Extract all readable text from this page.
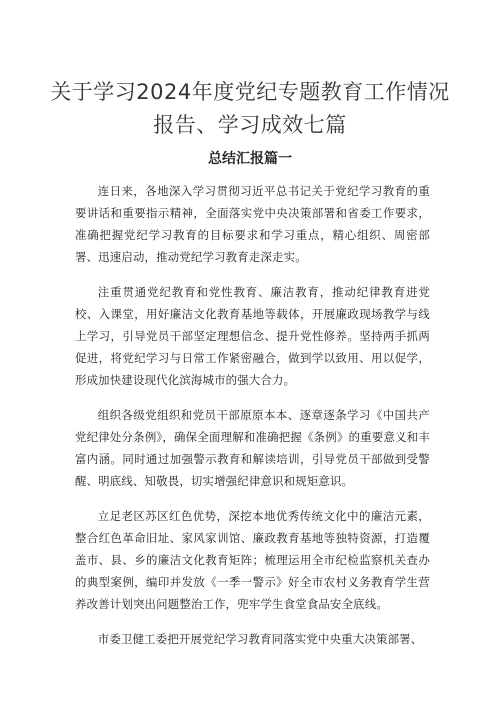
关于学习2024年度党纪专题教育工作情况
报告、学习成效七篇
总结汇报篇一

连日来，各地深入学习贯彻习近平总书记关于党纪学习教育的重要讲话和重要指示精神，全面落实党中央决策部署和省委工作要求，准确把握党纪学习教育的目标要求和学习重点，精心组织、周密部署、迅速启动，推动党纪学习教育走深走实。

注重贯通党纪教育和党性教育、廉洁教育，推动纪律教育进党校、入课堂，用好廉洁文化教育基地等载体，开展廉政现场教学与线上学习，引导党员干部坚定理想信念、提升党性修养。坚持两手抓两促进，将党纪学习与日常工作紧密融合，做到学以致用、用以促学，形成加快建设现代化滨海城市的强大合力。

组织各级党组织和党员干部原原本本、逐章逐条学习《中国共产党纪律处分条例》，确保全面理解和准确把握《条例》的重要意义和丰富内涵。同时通过加强警示教育和解读培训，引导党员干部做到受警醒、明底线、知敬畏，切实增强纪律意识和规矩意识。

立足老区苏区红色优势，深挖本地优秀传统文化中的廉洁元素，整合红色革命旧址、家风家训馆、廉政教育基地等独特资源，打造覆盖市、县、乡的廉洁文化教育矩阵；梳理运用全市纪检监察机关查办的典型案例，编印并发放《一季一警示》好全市农村义务教育学生营养改善计划突出问题整治工作，兜牢学生食堂食品安全底线。

市委卫健工委把开展党纪学习教育同落实党中央重大决策部署、
